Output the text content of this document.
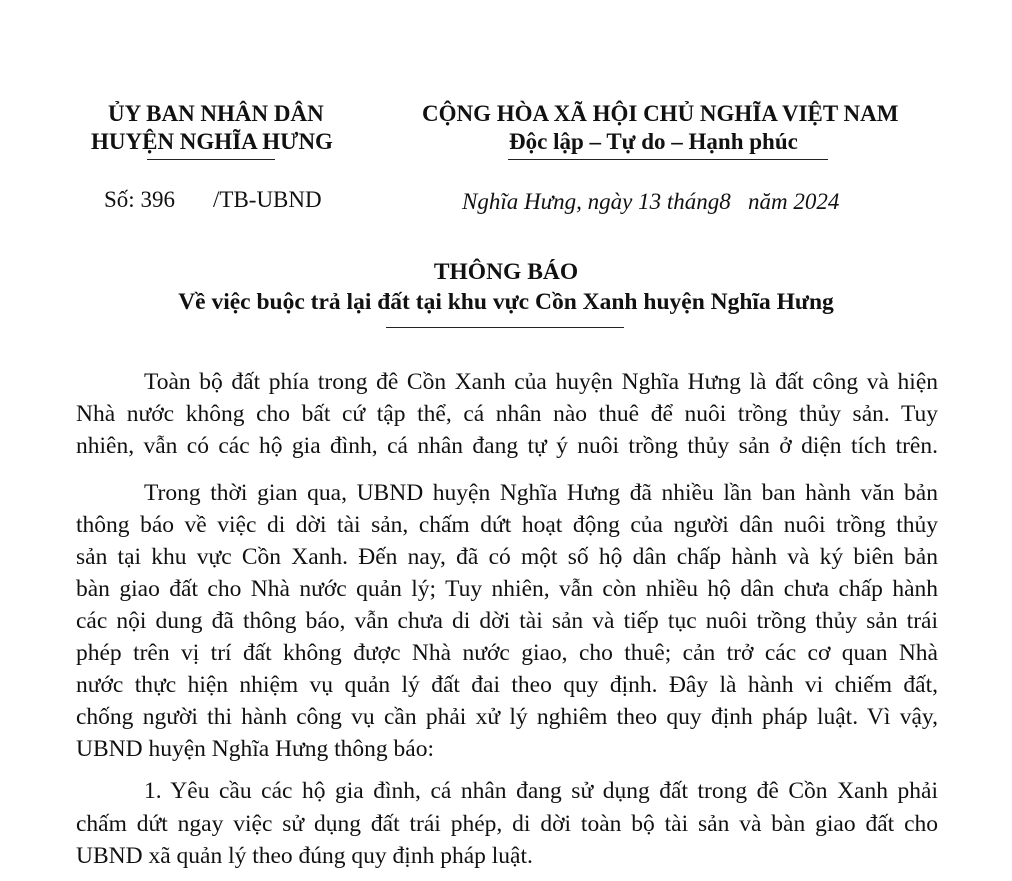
ỦY BAN NHÂN DÂN
HUYỆN NGHĨA HƯNG
CỘNG HÒA XÃ HỘI CHỦ NGHĨA VIỆT NAM
Độc lập – Tự do – Hạnh phúc
Số: 396 /TB-UBND	Nghĩa Hưng, ngày 13 tháng8 năm 2024
THÔNG BÁO
Về việc buộc trả lại đất tại khu vực Cồn Xanh huyện Nghĩa Hưng
Toàn bộ đất phía trong đê Cồn Xanh của huyện Nghĩa Hưng là đất công và hiện
Nhà nước không cho bất cứ tập thể, cá nhân nào thuê để nuôi trồng thủy sản. Tuy
nhiên, vẫn có các hộ gia đình, cá nhân đang tự ý nuôi trồng thủy sản ở diện tích trên.
Trong thời gian qua, UBND huyện Nghĩa Hưng đã nhiều lần ban hành văn bản
thông báo về việc di dời tài sản, chấm dứt hoạt động của người dân nuôi trồng thủy
sản tại khu vực Cồn Xanh. Đến nay, đã có một số hộ dân chấp hành và ký biên bản
bàn giao đất cho Nhà nước quản lý; Tuy nhiên, vẫn còn nhiều hộ dân chưa chấp hành
các nội dung đã thông báo, vẫn chưa di dời tài sản và tiếp tục nuôi trồng thủy sản trái
phép trên vị trí đất không được Nhà nước giao, cho thuê; cản trở các cơ quan Nhà
nước thực hiện nhiệm vụ quản lý đất đai theo quy định. Đây là hành vi chiếm đất,
chống người thi hành công vụ cần phải xử lý nghiêm theo quy định pháp luật. Vì vậy,
UBND huyện Nghĩa Hưng thông báo:
1. Yêu cầu các hộ gia đình, cá nhân đang sử dụng đất trong đê Cồn Xanh phải
chấm dứt ngay việc sử dụng đất trái phép, di dời toàn bộ tài sản và bàn giao đất cho
UBND xã quản lý theo đúng quy định pháp luật.
